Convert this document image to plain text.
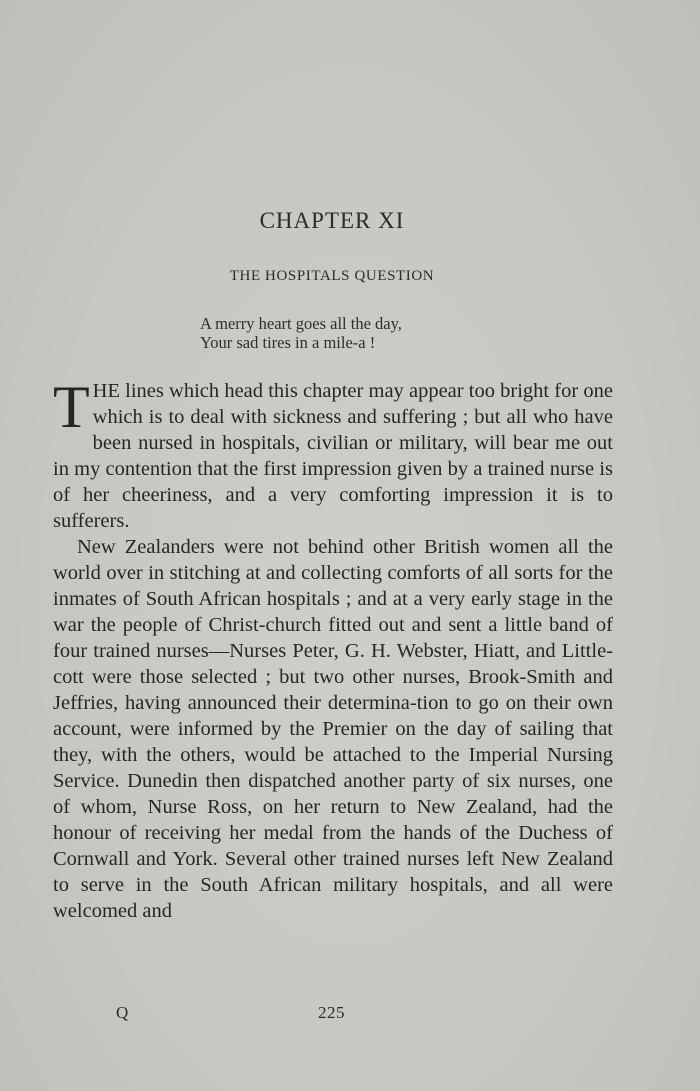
CHAPTER XI
THE HOSPITALS QUESTION
A merry heart goes all the day,
Your sad tires in a mile-a !

THE lines which head this chapter may appear too bright for one which is to deal with sickness and suffering ; but all who have been nursed in hospitals, civilian or military, will bear me out in my contention that the first impression given by a trained nurse is of her cheeriness, and a very comforting impression it is to sufferers.

New Zealanders were not behind other British women all the world over in stitching at and collecting comforts of all sorts for the inmates of South African hospitals ; and at a very early stage in the war the people of Christ-church fitted out and sent a little band of four trained nurses—Nurses Peter, G. H. Webster, Hiatt, and Little-cott were those selected ; but two other nurses, Brook-Smith and Jeffries, having announced their determina-tion to go on their own account, were informed by the Premier on the day of sailing that they, with the others, would be attached to the Imperial Nursing Service. Dunedin then dispatched another party of six nurses, one of whom, Nurse Ross, on her return to New Zealand, had the honour of receiving her medal from the hands of the Duchess of Cornwall and York. Several other trained nurses left New Zealand to serve in the South African military hospitals, and all were welcomed and

Q	225
